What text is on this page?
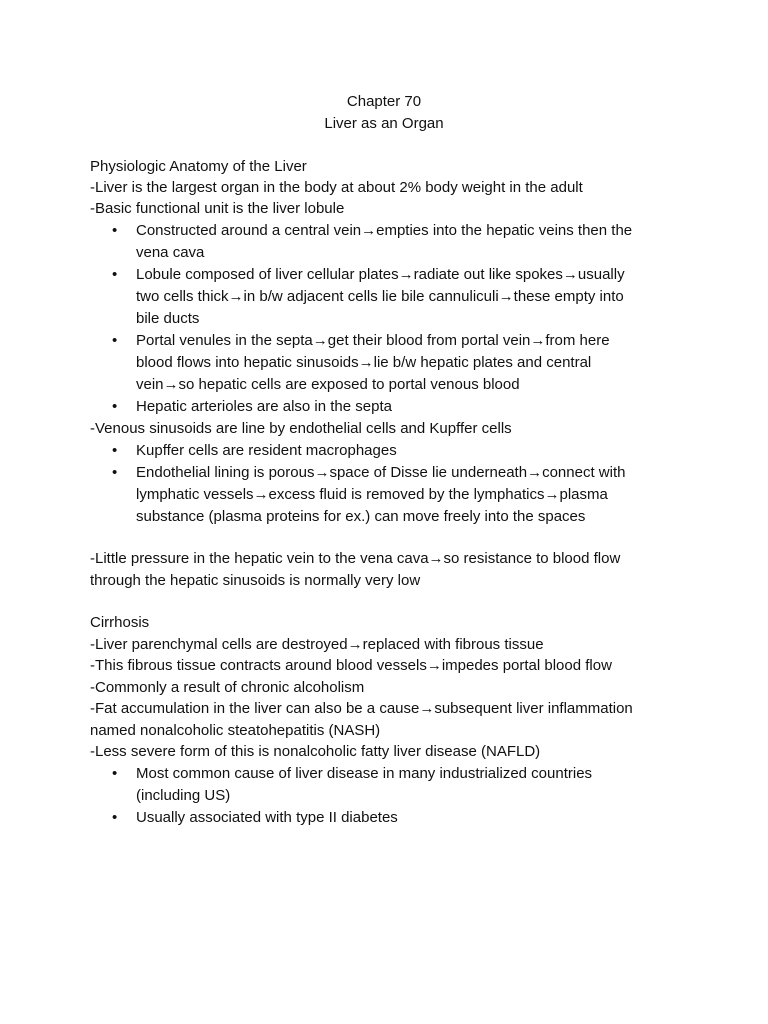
Chapter 70
Liver as an Organ
Physiologic Anatomy of the Liver
-Liver is the largest organ in the body at about 2% body weight in the adult
-Basic functional unit is the liver lobule
•	Constructed around a central vein→empties into the hepatic veins then the
vena cava
•	Lobule composed of liver cellular plates→radiate out like spokes→usually
two cells thick→in b/w adjacent cells lie bile cannuliculi→these empty into
bile ducts
•	Portal venules in the septa→get their blood from portal vein→from here
blood flows into hepatic sinusoids→lie b/w hepatic plates and central
vein→so hepatic cells are exposed to portal venous blood
•	Hepatic arterioles are also in the septa
-Venous sinusoids are line by endothelial cells and Kupffer cells
•	Kupffer cells are resident macrophages
•	Endothelial lining is porous→space of Disse lie underneath→connect with
lymphatic vessels→excess fluid is removed by the lymphatics→plasma
substance (plasma proteins for ex.) can move freely into the spaces
-Little pressure in the hepatic vein to the vena cava→so resistance to blood flow
through the hepatic sinusoids is normally very low
Cirrhosis
-Liver parenchymal cells are destroyed→replaced with fibrous tissue
-This fibrous tissue contracts around blood vessels→impedes portal blood flow
-Commonly a result of chronic alcoholism
-Fat accumulation in the liver can also be a cause→subsequent liver inflammation
named nonalcoholic steatohepatitis (NASH)
-Less severe form of this is nonalcoholic fatty liver disease (NAFLD)
•	Most common cause of liver disease in many industrialized countries
(including US)
•	Usually associated with type II diabetes
